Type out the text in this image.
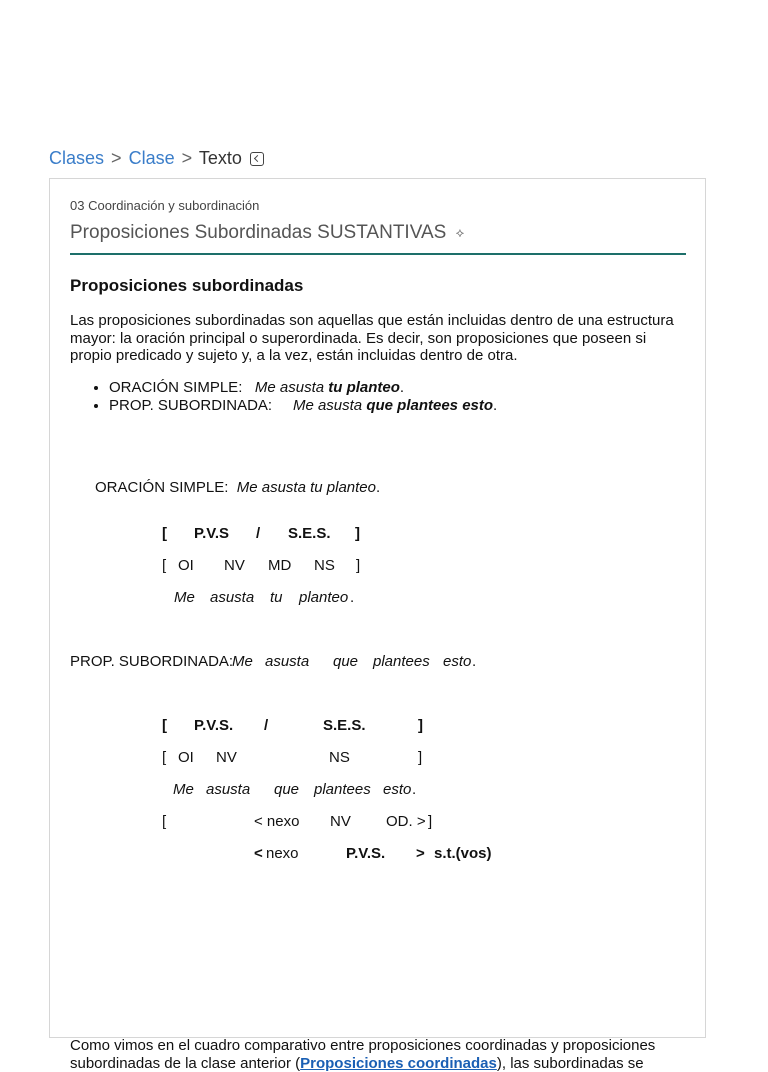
Clases > Clase > Texto
03 Coordinación y subordinación
Proposiciones Subordinadas SUSTANTIVAS ⟡
Proposiciones subordinadas

Las proposiciones subordinadas son aquellas que están incluidas dentro de una estructura mayor: la oración principal o superordinada. Es decir, son proposiciones que poseen si propio predicado y sujeto y, a la vez, están incluidas dentro de otra.

• ORACIÓN SIMPLE: Me asusta tu planteo.
• PROP. SUBORDINADA: Me asusta que plantees esto.

ORACIÓN SIMPLE: Me asusta tu planteo.

[ P.V.S / S.E.S. ]
[ OI NV MD NS ]
Me asusta tu planteo .
PROP. SUBORDINADA:
Me asusta que plantees esto .
[ P.V.S. /	S.E.S.	]
[ OI NV	NS	]
Me asusta que plantees esto .
[	< nexo NV OD. > ]
< nexo	P.V.S. > s.t.(vos)

Como vimos en el cuadro comparativo entre proposiciones coordinadas y proposiciones subordinadas de la clase anterior (Proposiciones coordinadas), las subordinadas se
